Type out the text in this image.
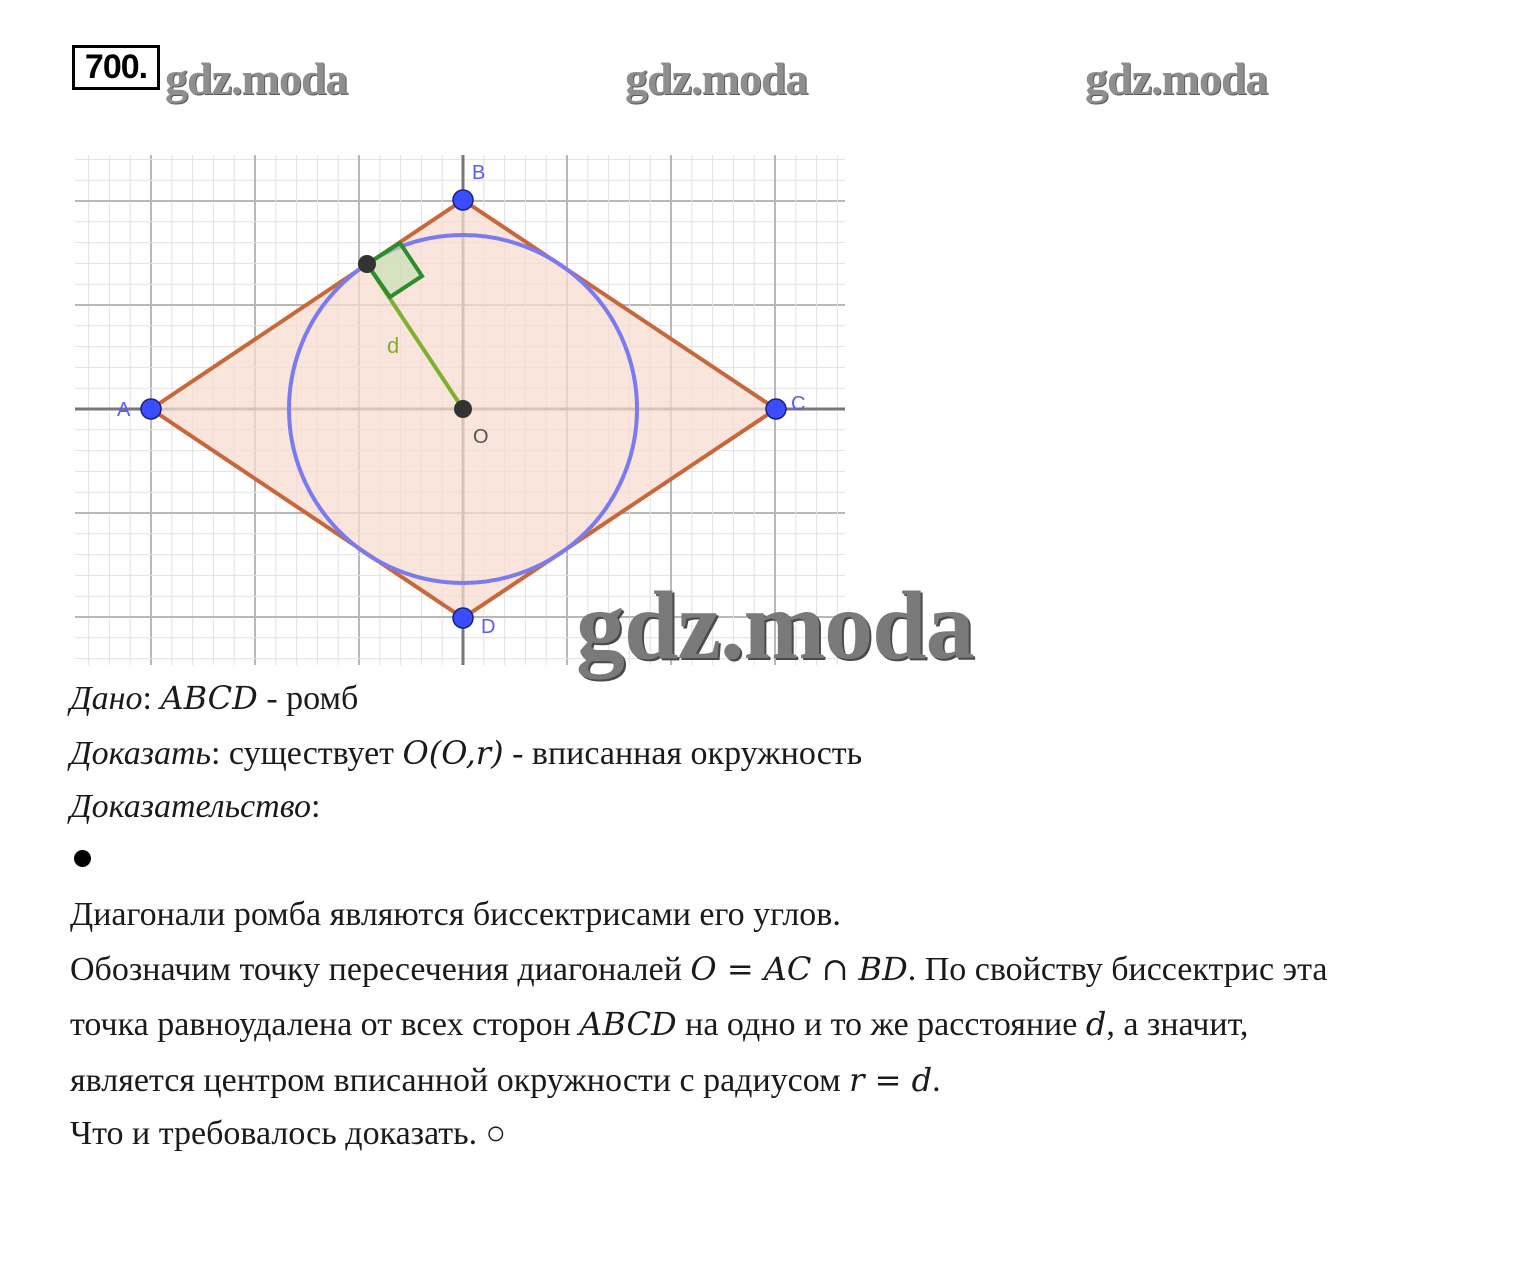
700. gdz.moda	gdz.moda	gdz.moda
A
B
C
D
O
d
gdz.moda
Дано: ABCD - ромб
Доказать: существует O(O,r) - вписанная окружность
Доказательство:
Диагонали ромба являются биссектрисами его углов.
Обозначим точку пересечения диагоналей O = AC ∩ BD. По свойству биссектрис эта
точка равноудалена от всех сторон ABCD на одно и то же расстояние d, а значит,
является центром вписанной окружности с радиусом r = d.
Что и требовалось доказать. ○
